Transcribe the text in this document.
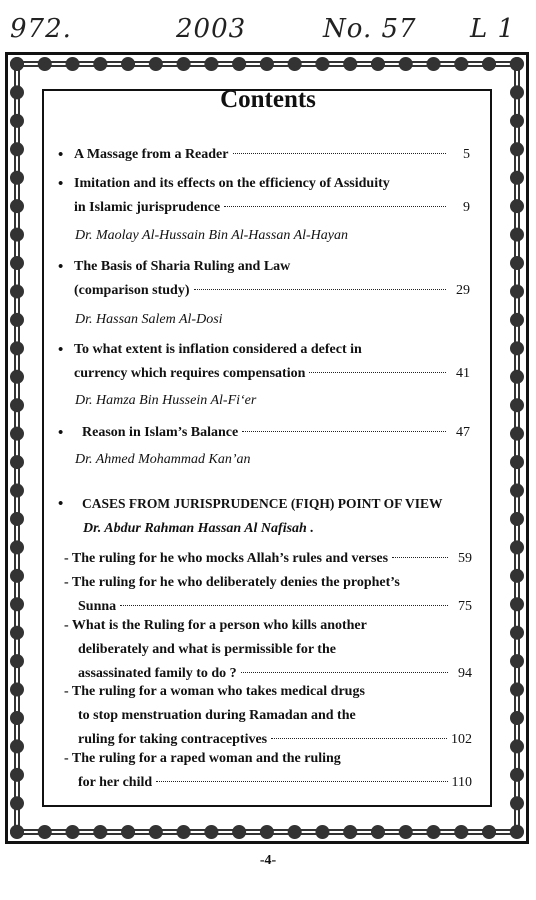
972.	2003	No. 57 L 1
Contents
• A Massage from a Reader	5
• Imitation and its effects on the efficiency of Assiduity
in Islamic jurisprudence	9
Dr. Maolay Al-Hussain Bin Al-Hassan Al-Hayan
• The Basis of Sharia Ruling and Law
(comparison study)	29
Dr. Hassan Salem Al-Dosi
• To what extent is inflation considered a defect in
currency which requires compensation	41
Dr. Hamza Bin Hussein Al-Fi‘er
•	Reason in Islam’s Balance	47
Dr. Ahmed Mohammad Kan’an
•	CASES FROM JURISPRUDENCE (FIQH) POINT OF VIEW
Dr. Abdur Rahman Hassan Al Nafisah .
- The ruling for he who mocks Allah’s rules and verses	59
- The ruling for he who deliberately denies the prophet’s
Sunna	75
- What is the Ruling for a person who kills another
deliberately and what is permissible for the
assassinated family to do ?	94
- The ruling for a woman who takes medical drugs
to stop menstruation during Ramadan and the
ruling for taking contraceptives	102
- The ruling for a raped woman and the ruling
for her child	110
-4-
